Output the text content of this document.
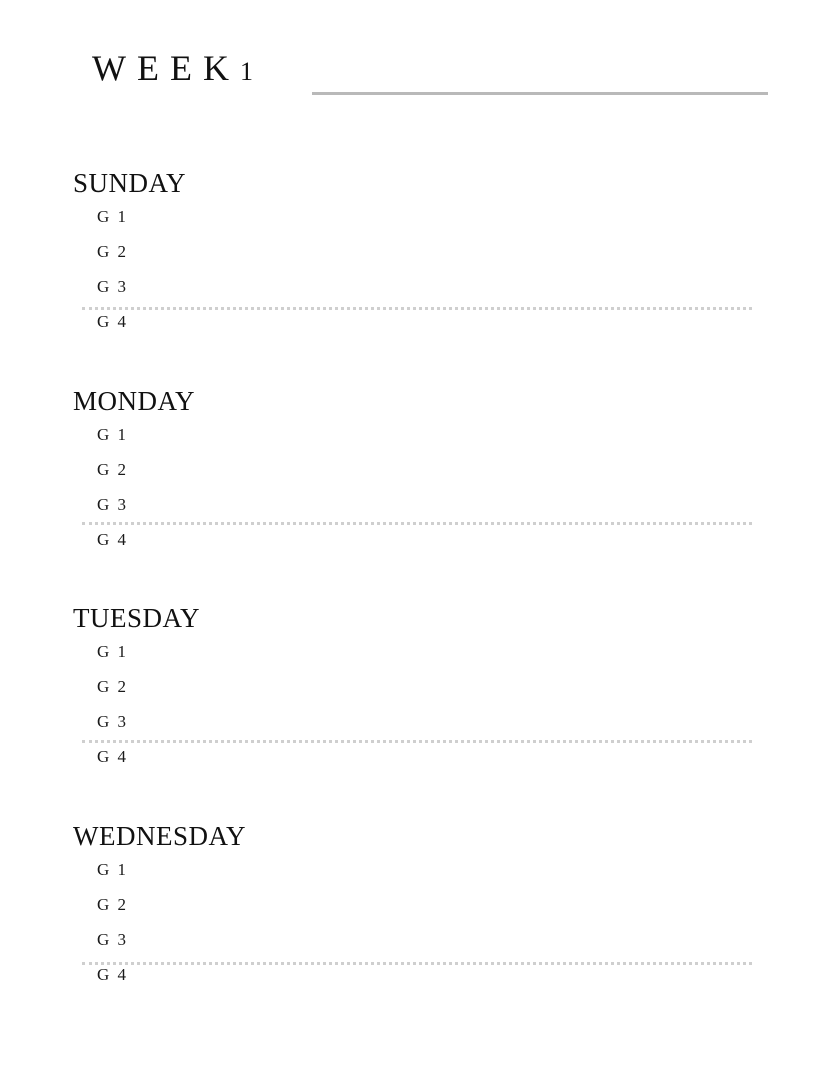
WEEK1
SUNDAY
G 1
G 2
G 3
G 4
MONDAY
G 1
G 2
G 3
G 4
TUESDAY
G 1
G 2
G 3
G 4
WEDNESDAY
G 1
G 2
G 3
G 4
